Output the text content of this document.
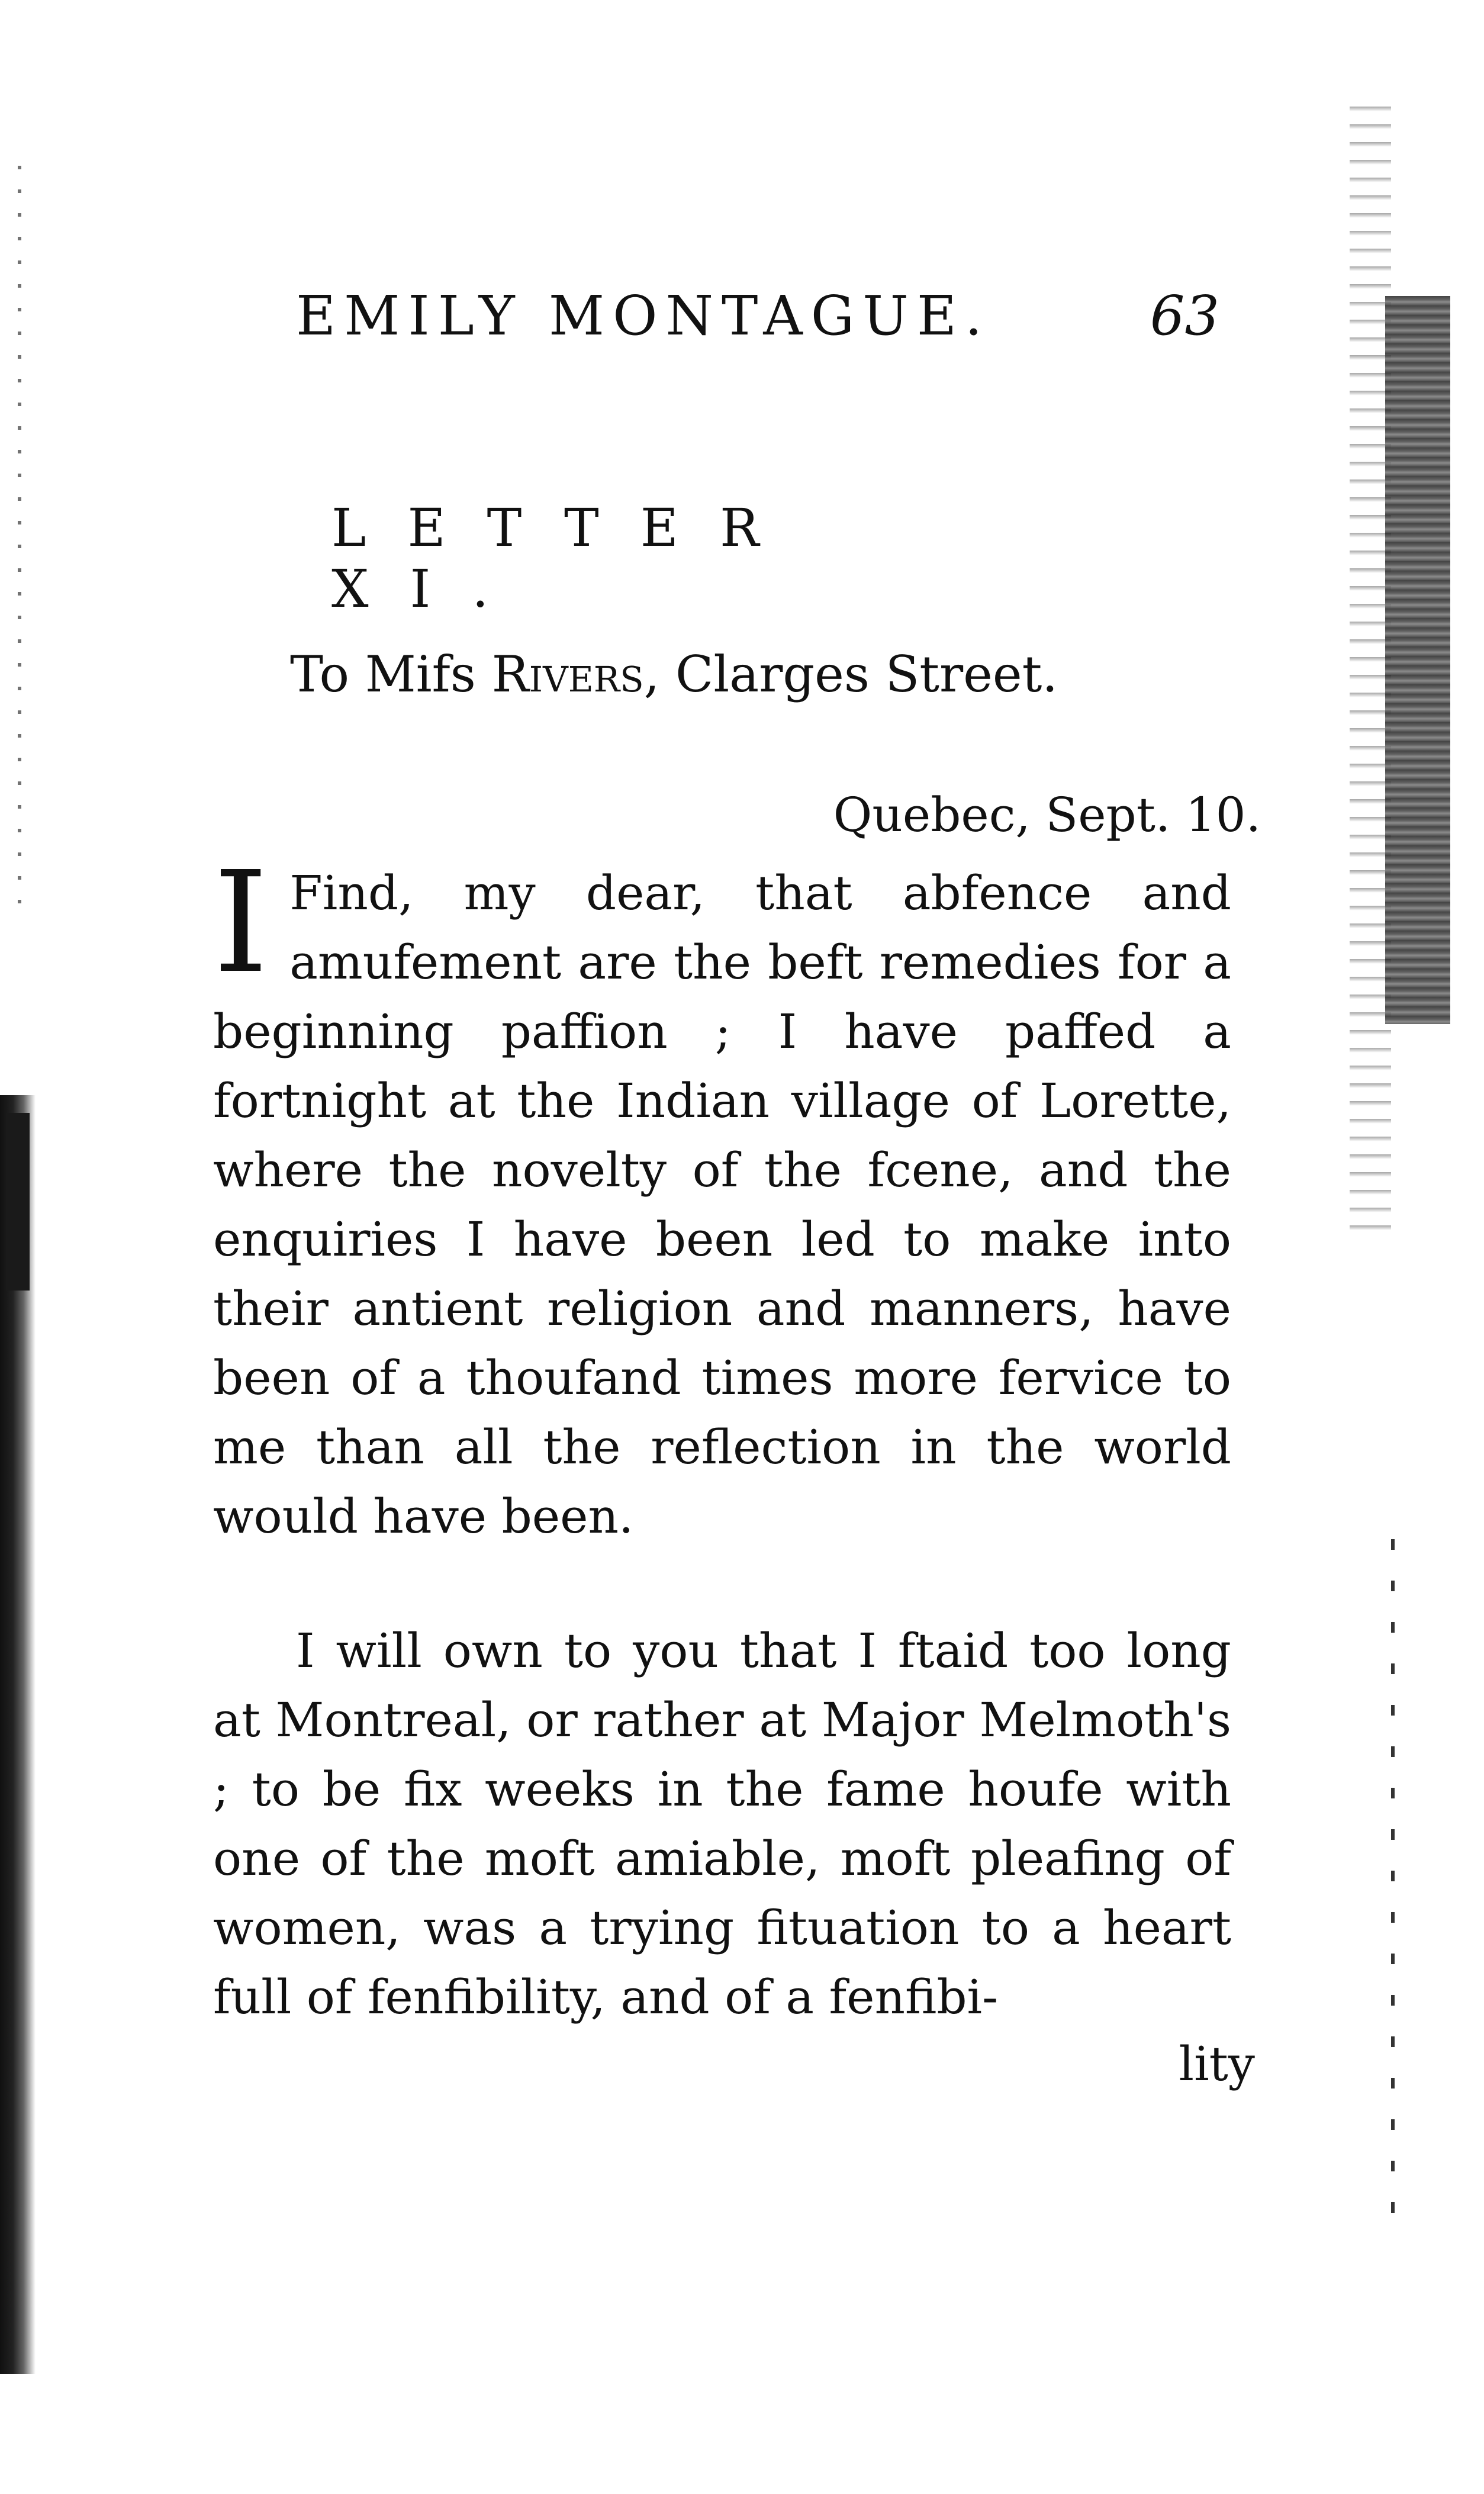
EMILY MONTAGUE.	63
LETTER XI.
To Mifs Rivers, Clarges Street.
Quebec, Sept. 10.
I Find, my dear, that abfence and amufement are the beft remedies for a beginning paffion ; I have paffed a fortnight at the Indian village of Lorette, where the novelty of the fcene, and the enquiries I have been led to make into their antient religion and manners, have been of a thoufand times more fervice to me than all the reflection in the world would have been.
I will own to you that I ftaid too long at Montreal, or rather at Major Melmoth's ; to be fix weeks in the fame houfe with one of the moft amiable, moft pleafing of women, was a trying fituation to a heart full of fenfibility, and of a fenfibi-
lity
